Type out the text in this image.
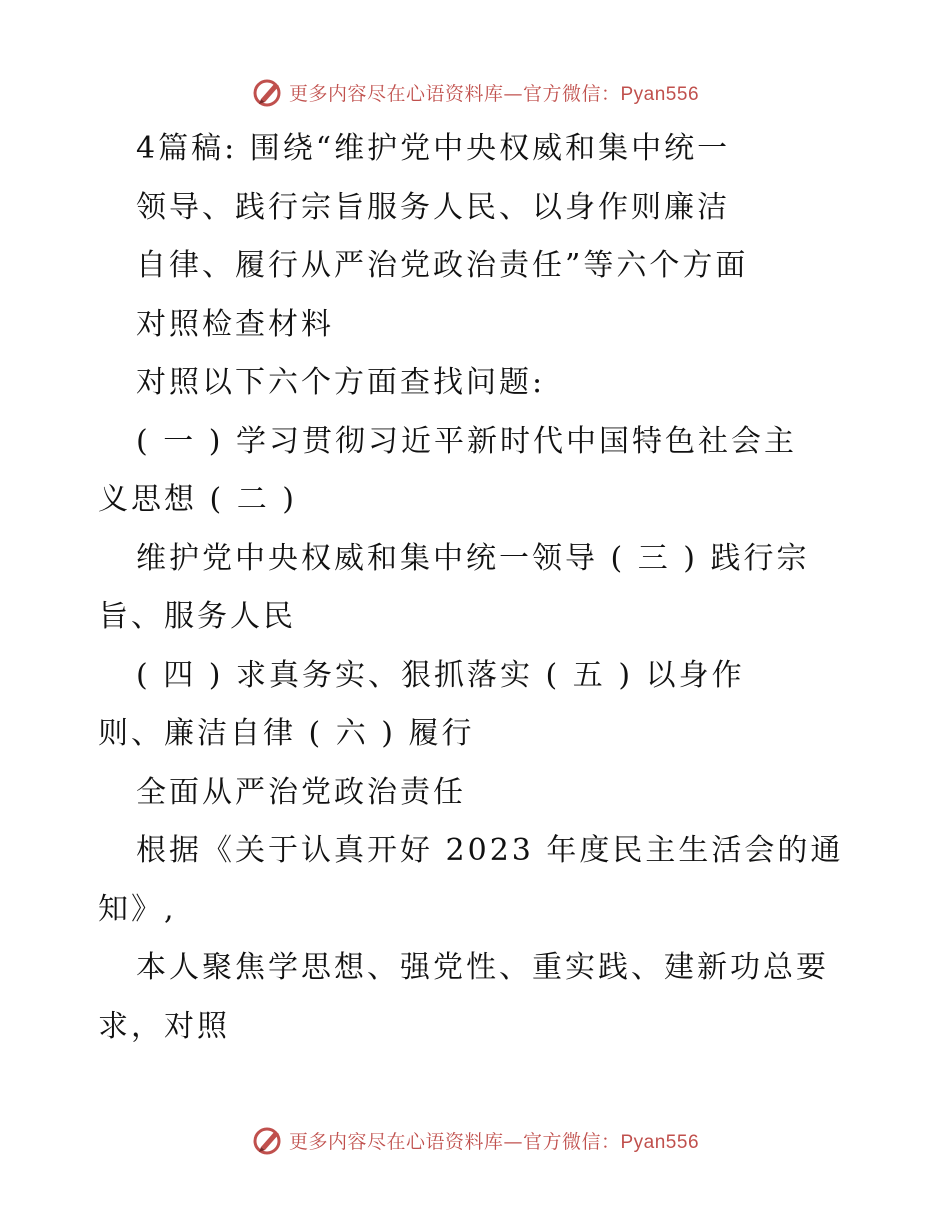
更多内容尽在心语资料库—官方微信：Pyan556
4篇稿: 围绕“维护党中央权威和集中统一
领导、践行宗旨服务人民、以身作则廉洁
自律、履行从严治党政治责任”等六个方面
对照检查材料
对照以下六个方面查找问题:
( 一 ) 学习贯彻习近平新时代中国特色社会主
义思想 ( 二 )
维护党中央权威和集中统一领导 ( 三 ) 践行宗
旨、服务人民
( 四 ) 求真务实、狠抓落实 ( 五 ) 以身作
则、廉洁自律 ( 六 ) 履行
全面从严治党政治责任
根据《关于认真开好 2023 年度民主生活会的通
知》,
本人聚焦学思想、强党性、重实践、建新功总要
求，对照
更多内容尽在心语资料库—官方微信：Pyan556
